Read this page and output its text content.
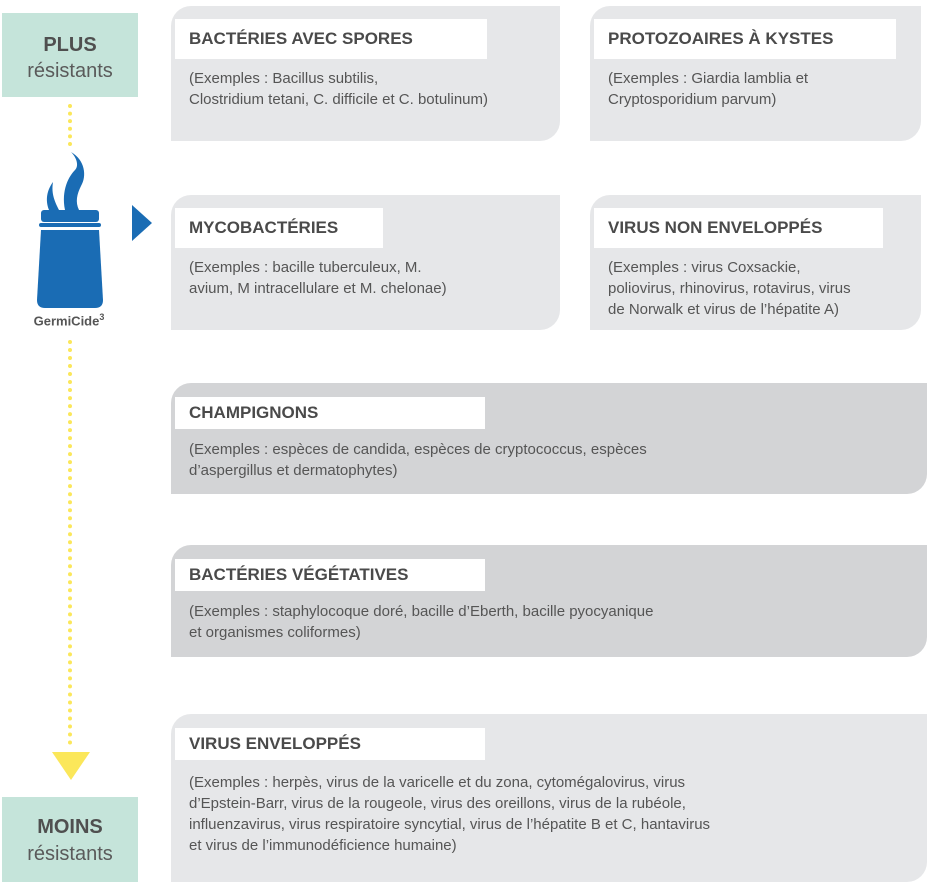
PLUS
résistants
GermiCide$^3$
MOINS
résistants
BACTÉRIES AVEC SPORES
(Exemples : Bacillus subtilis,
Clostridium tetani, C. difficile et C. botulinum)
PROTOZOAIRES À KYSTES
(Exemples : Giardia lamblia et
Cryptosporidium parvum)
MYCOBACTÉRIES
(Exemples : bacille tuberculeux, M.
avium, M intracellulare et M. chelonae)
VIRUS NON ENVELOPPÉS
(Exemples : virus Coxsackie,
poliovirus, rhinovirus, rotavirus, virus
de Norwalk et virus de l’hépatite A)
CHAMPIGNONS
(Exemples : espèces de candida, espèces de cryptococcus, espèces
d’aspergillus et dermatophytes)
BACTÉRIES VÉGÉTATIVES
(Exemples : staphylocoque doré, bacille d’Eberth, bacille pyocyanique
et organismes coliformes)
VIRUS ENVELOPPÉS
(Exemples : herpès, virus de la varicelle et du zona, cytomégalovirus, virus
d’Epstein-Barr, virus de la rougeole, virus des oreillons, virus de la rubéole,
influenzavirus, virus respiratoire syncytial, virus de l’hépatite B et C, hantavirus
et virus de l’immunodéficience humaine)
